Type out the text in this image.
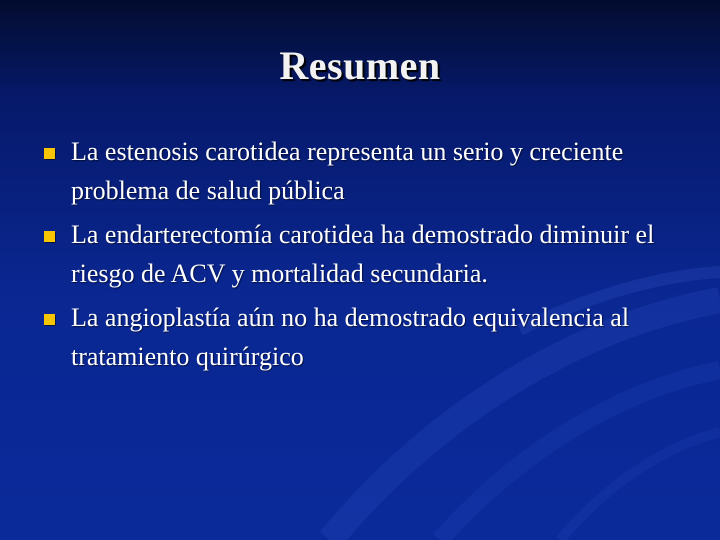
Resumen
La estenosis carotidea representa un serio y creciente problema de salud pública
La endarterectomía carotidea ha demostrado diminuir el riesgo de ACV y mortalidad secundaria.
La angioplastía aún no ha demostrado equivalencia al tratamiento quirúrgico
